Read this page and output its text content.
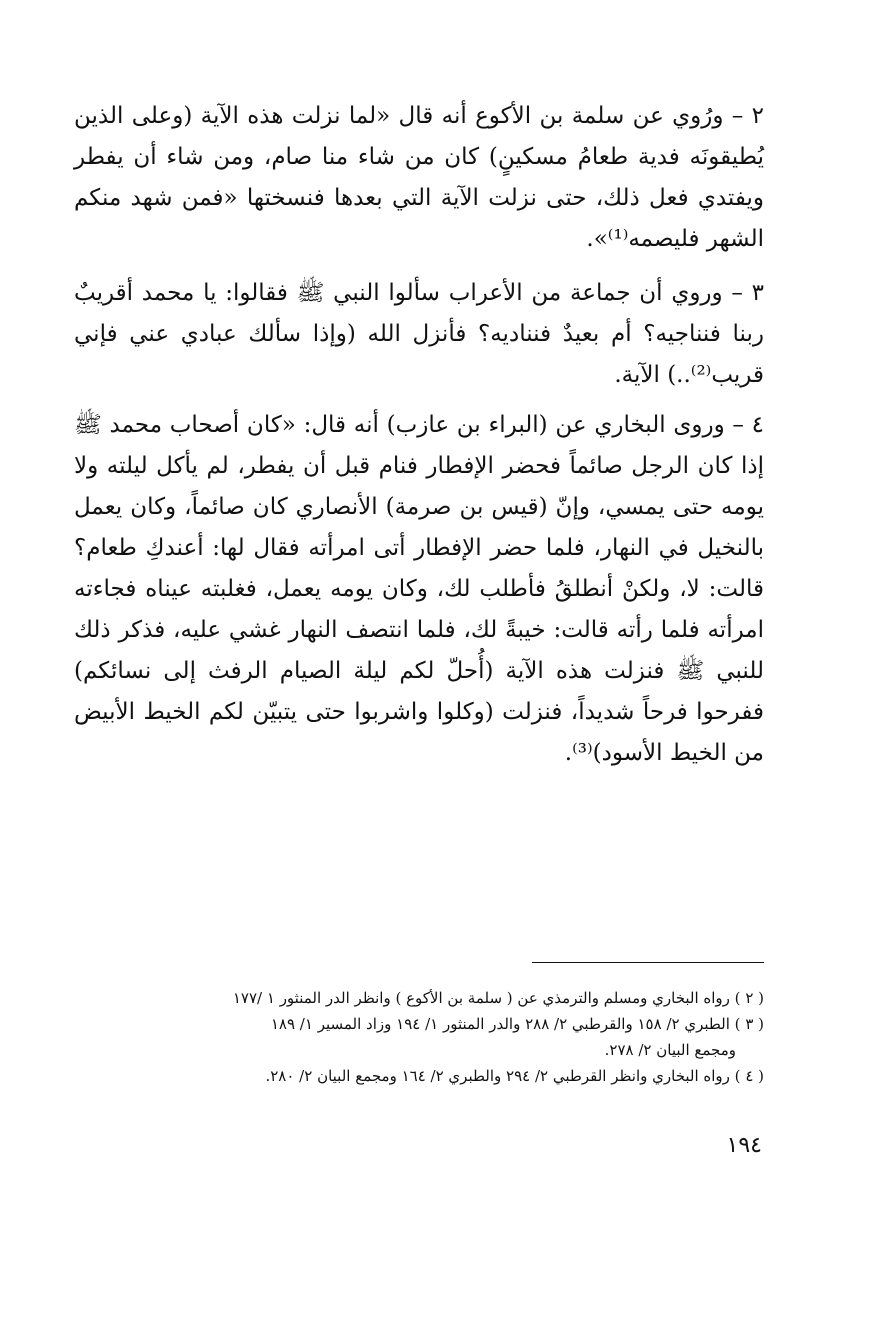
٢ – ورُوي عن سلمة بن الأكوع أنه قال «لما نزلت هذه الآية (وعلى الذين يُطيقونَه فدية طعامُ مسكينٍ) كان من شاء منا صام، ومن شاء أن يفطر ويفتدي فعل ذلك، حتى نزلت الآية التي بعدها فنسختها «فمن شهد منكم الشهر فليصمه⁽¹⁾».

٣ – وروي أن جماعة من الأعراب سألوا النبي ﷺ فقالوا: يا محمد أقريبٌ ربنا فنناجيه؟ أم بعيدٌ فنناديه؟ فأنزل الله (وإذا سألك عبادي عني فإني قريب⁽²⁾..) الآية.

٤ – وروى البخاري عن (البراء بن عازب) أنه قال: «كان أصحاب محمد ﷺ إذا كان الرجل صائماً فحضر الإفطار فنام قبل أن يفطر، لم يأكل ليلته ولا يومه حتى يمسي، وإنّ (قيس بن صرمة) الأنصاري كان صائماً، وكان يعمل بالنخيل في النهار، فلما حضر الإفطار أتى امرأته فقال لها: أعندكِ طعام؟ قالت: لا، ولكنْ أنطلقُ فأطلب لك، وكان يومه يعمل، فغلبته عيناه فجاءته امرأته فلما رأته قالت: خيبةً لك، فلما انتصف النهار غشي عليه، فذكر ذلك للنبي ﷺ فنزلت هذه الآية (أُحلّ لكم ليلة الصيام الرفث إلى نسائكم) ففرحوا فرحاً شديداً، فنزلت (وكلوا واشربوا حتى يتبيّن لكم الخيط الأبيض من الخيط الأسود)⁽³⁾.

( ٢ ) رواه البخاري ومسلم والترمذي عن ( سلمة بن الأكوع ) وانظر الدر المنثور ١ /١٧٧
( ٣ ) الطبري ٢/ ١٥٨ والقرطبي ٢/ ٢٨٨ والدر المنثور ١/ ١٩٤ وزاد المسير ١/ ١٨٩
ومجمع البيان ٢/ ٢٧٨.
( ٤ ) رواه البخاري وانظر القرطبي ٢/ ٢٩٤ والطبري ٢/ ١٦٤ ومجمع البيان ٢/ ٢٨٠.
١٩٤
